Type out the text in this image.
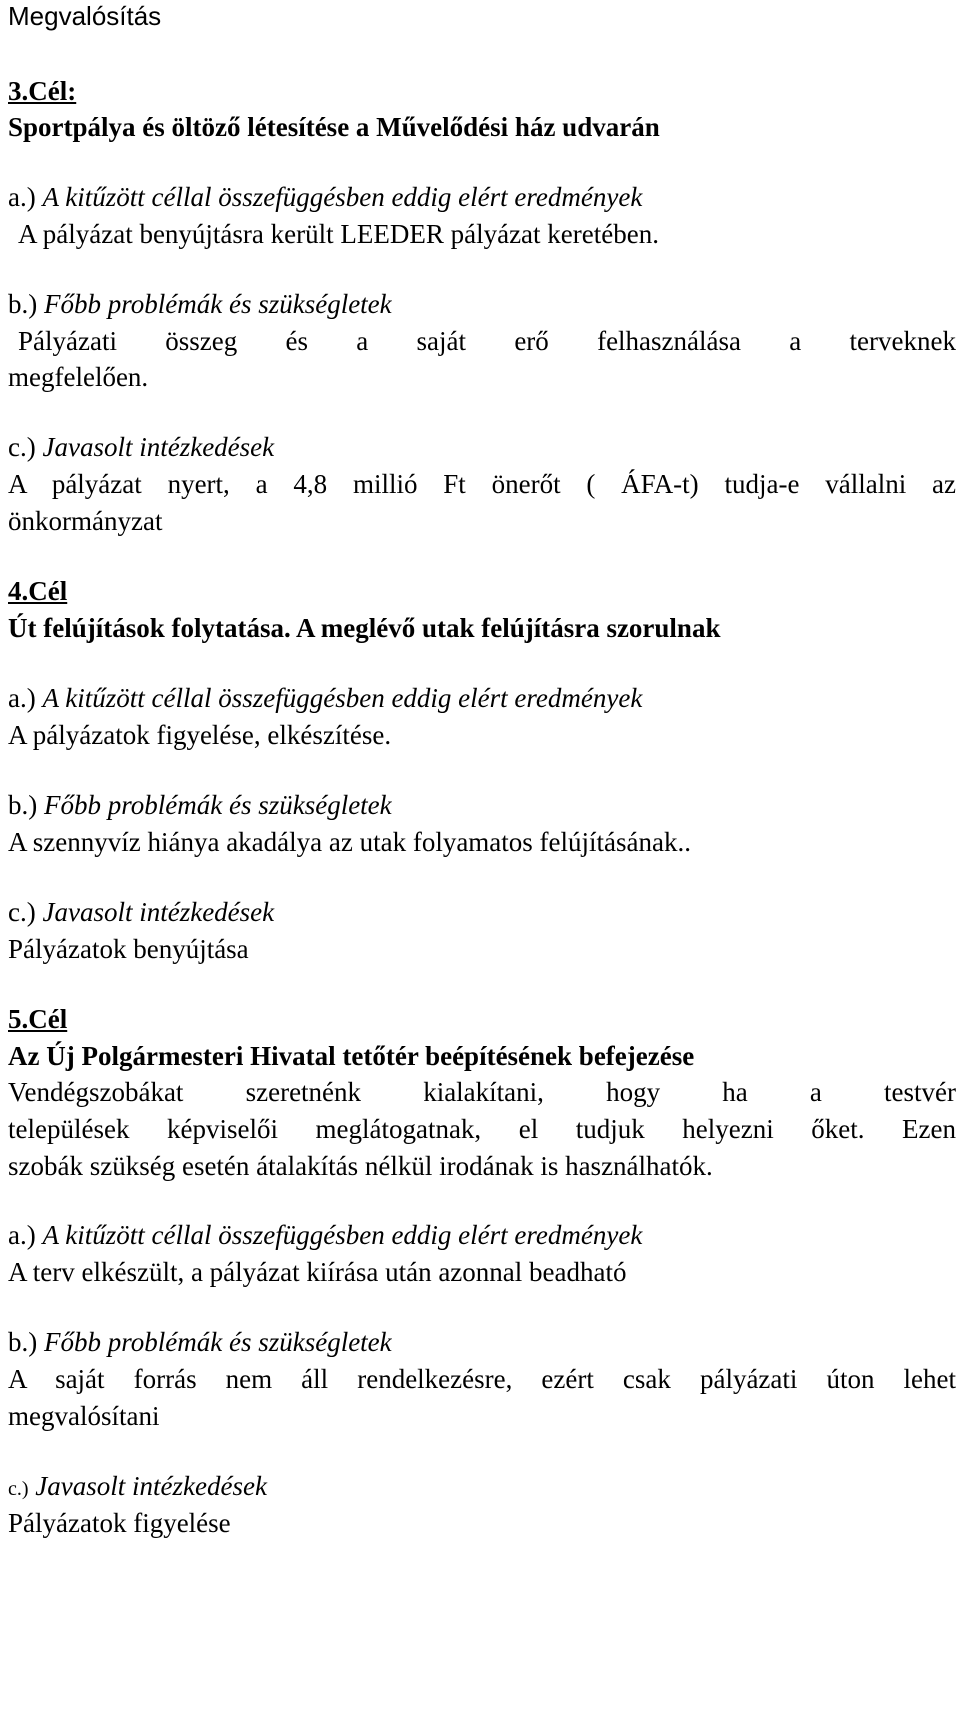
Megvalósítás
3.Cél:
Sportpálya és öltöző létesítése a Művelődési ház udvarán
a.) A kitűzött céllal összefüggésben eddig elért eredmények
A pályázat benyújtásra került LEEDER pályázat keretében.
b.) Főbb problémák és szükségletek
Pályázati összeg és a saját erő felhasználása a terveknek
megfelelően.
c.) Javasolt intézkedések
A pályázat nyert, a 4,8 millió Ft önerőt ( ÁFA-t) tudja-e vállalni az
önkormányzat
4.Cél
Út felújítások folytatása. A meglévő utak felújításra szorulnak
a.) A kitűzött céllal összefüggésben eddig elért eredmények
A pályázatok figyelése, elkészítése.
b.) Főbb problémák és szükségletek
A szennyvíz hiánya akadálya az utak folyamatos felújításának..
c.) Javasolt intézkedések
Pályázatok benyújtása
5.Cél
Az Új Polgármesteri Hivatal tetőtér beépítésének befejezése
Vendégszobákat szeretnénk kialakítani, hogy ha a testvér
települések képviselői meglátogatnak, el tudjuk helyezni őket. Ezen
szobák szükség esetén átalakítás nélkül irodának is használhatók.
a.) A kitűzött céllal összefüggésben eddig elért eredmények
A terv elkészült, a pályázat kiírása után azonnal beadható
b.) Főbb problémák és szükségletek
A saját forrás nem áll rendelkezésre, ezért csak pályázati úton lehet
megvalósítani
c.) Javasolt intézkedések
Pályázatok figyelése
